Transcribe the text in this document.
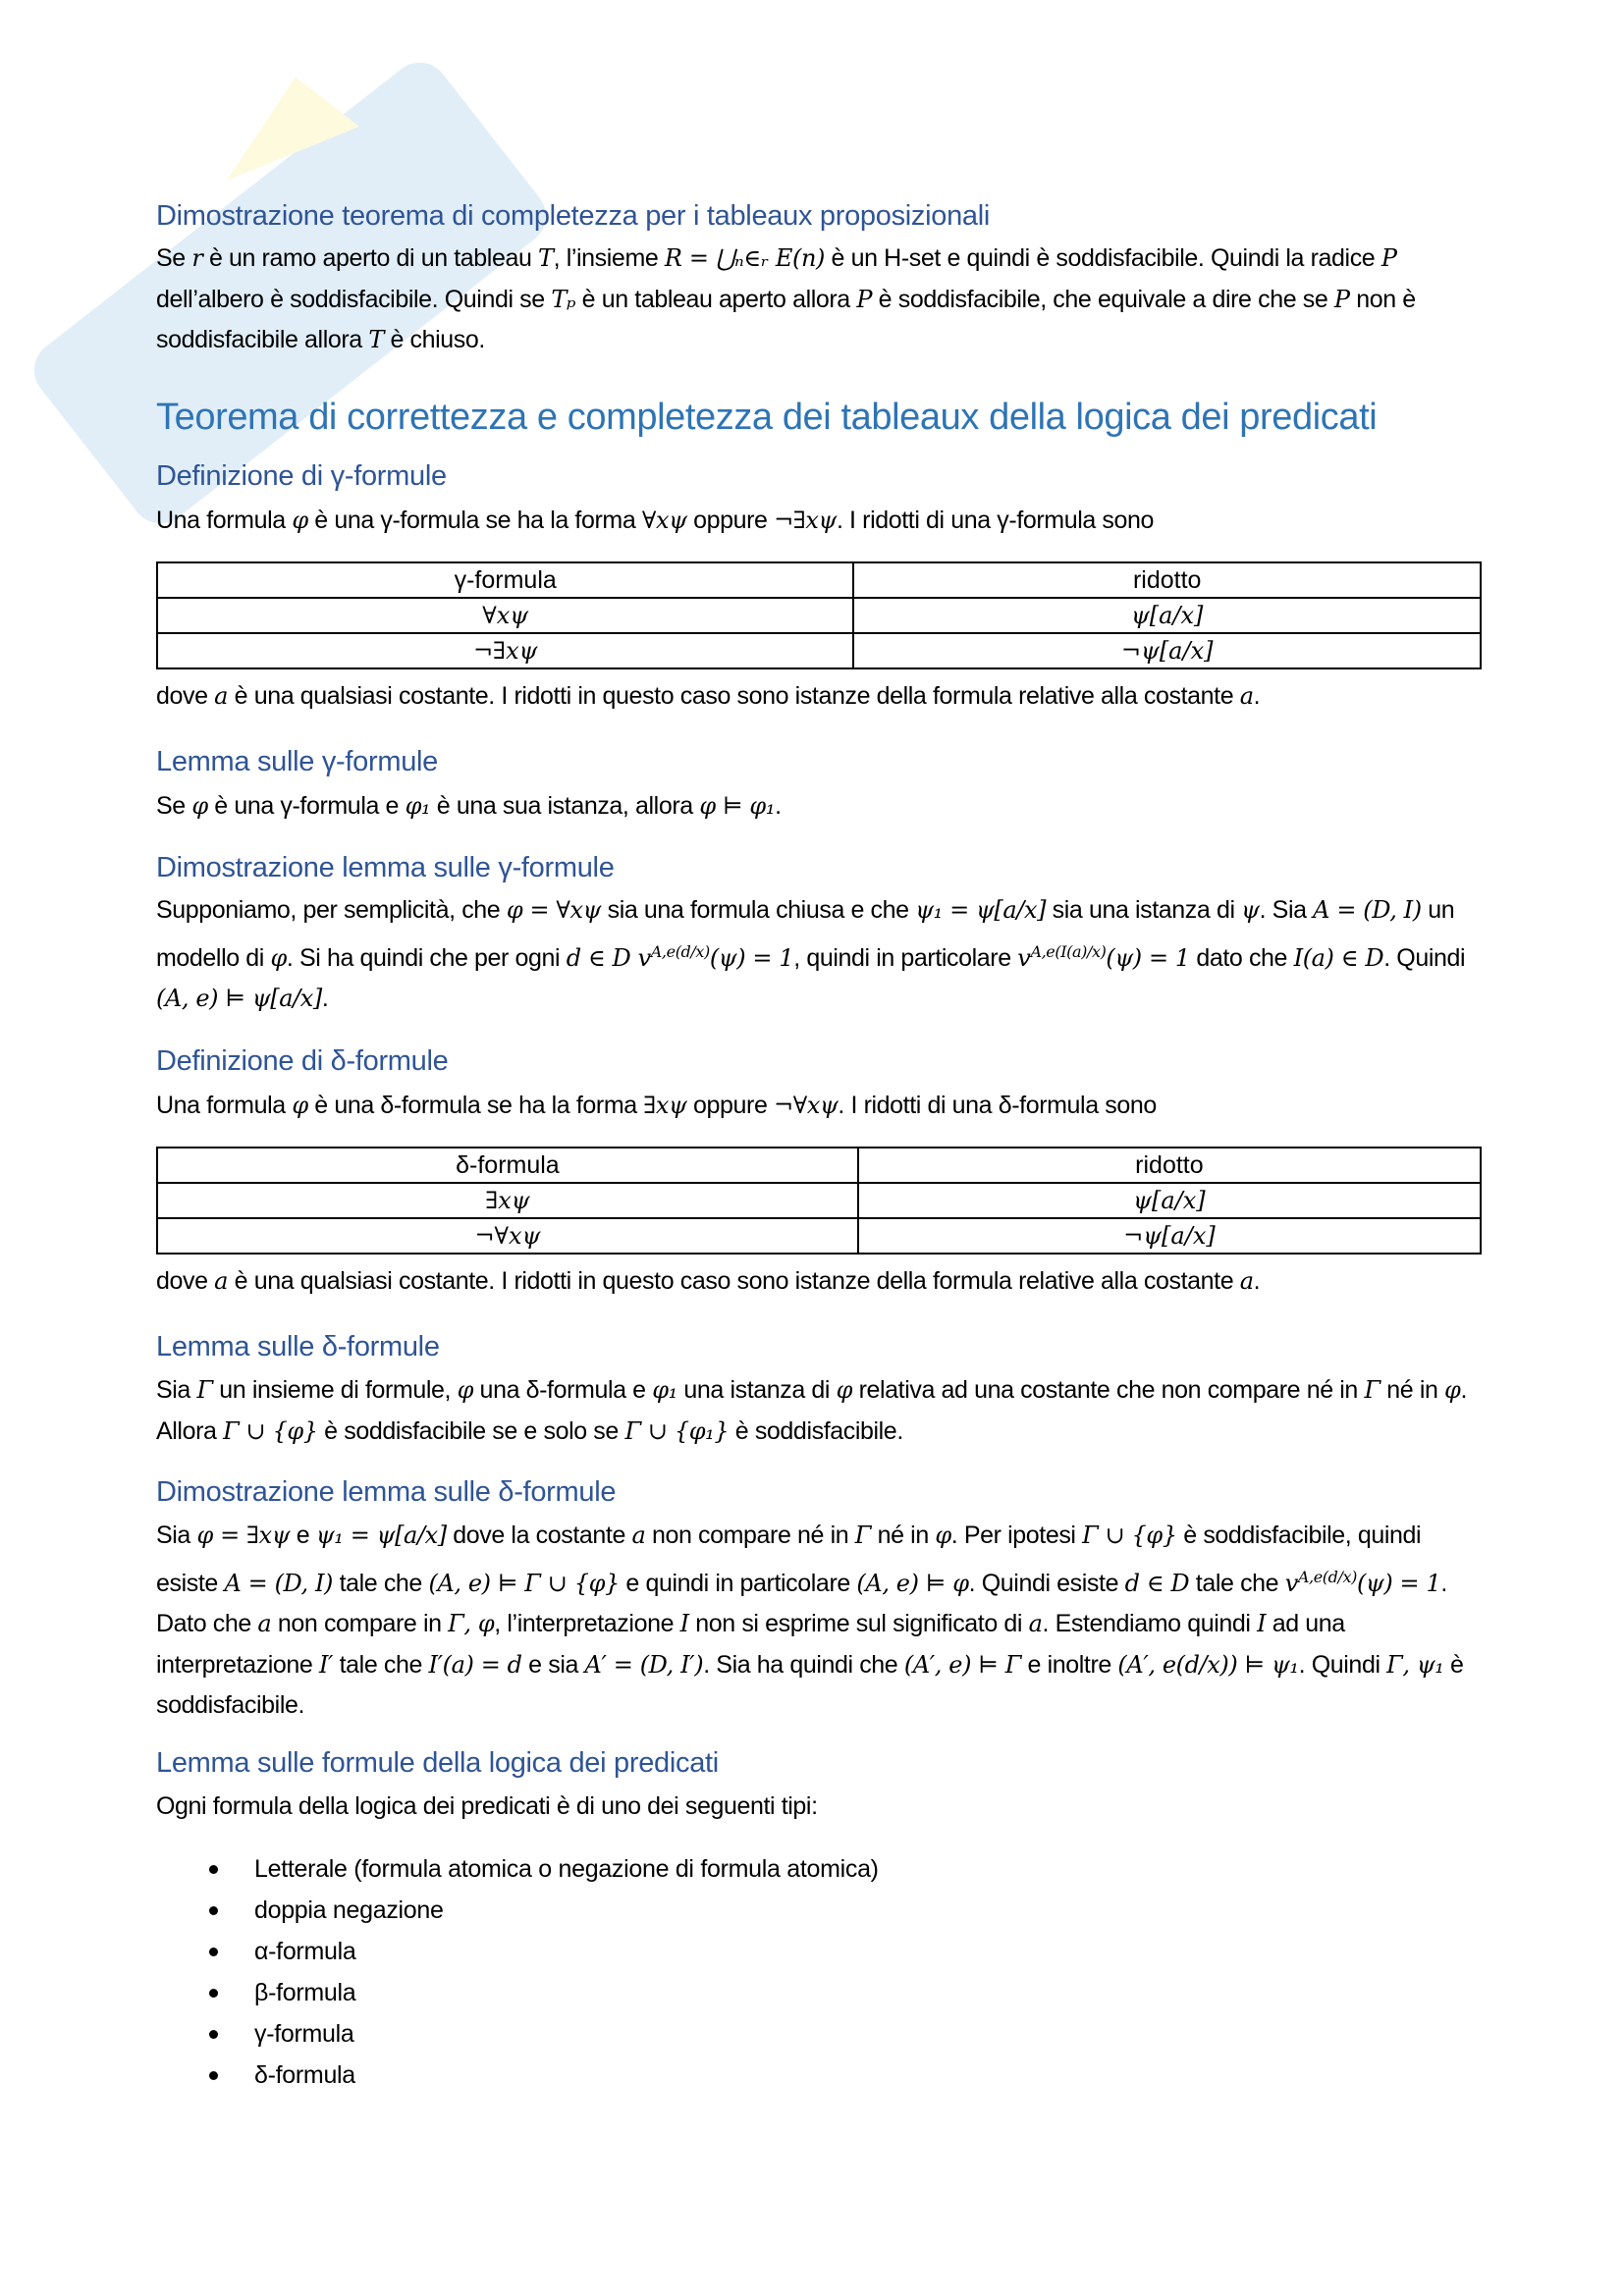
Dimostrazione teorema di completezza per i tableaux proposizionali
Se r è un ramo aperto di un tableau T, l’insieme R = ⋃ₙ∈ᵣ E(n) è un H-set e quindi è soddisfacibile. Quindi la radice P dell’albero è soddisfacibile. Quindi se Tₚ è un tableau aperto allora P è soddisfacibile, che equivale a dire che se P non è soddisfacibile allora T è chiuso.
Teorema di correttezza e completezza dei tableaux della logica dei predicati
Definizione di γ-formule
Una formula φ è una γ-formula se ha la forma ∀xψ oppure ¬∃xψ. I ridotti di una γ-formula sono
γ-formula	ridotto
∀xψ	ψ[a/x]
¬∃xψ	¬ψ[a/x]
dove a è una qualsiasi costante. I ridotti in questo caso sono istanze della formula relative alla costante a.
Lemma sulle γ-formule
Se φ è una γ-formula e φ₁ è una sua istanza, allora φ ⊨ φ₁.
Dimostrazione lemma sulle γ-formule
Supponiamo, per semplicità, che φ = ∀xψ sia una formula chiusa e che ψ₁ = ψ[a/x] sia una istanza di ψ. Sia A = (D, I) un modello di φ. Si ha quindi che per ogni d ∈ D $v^{A,e(d/x)}(\psi) = 1$, quindi in particolare $v^{A,e(I(a)/x)}(\psi) = 1$ dato che I(a) ∈ D. Quindi (A, e) ⊨ ψ[a/x].
Definizione di δ-formule
Una formula φ è una δ-formula se ha la forma ∃xψ oppure ¬∀xψ. I ridotti di una δ-formula sono
δ-formula	ridotto
∃xψ	ψ[a/x]
¬∀xψ	¬ψ[a/x]
dove a è una qualsiasi costante. I ridotti in questo caso sono istanze della formula relative alla costante a.
Lemma sulle δ-formule
Sia Γ un insieme di formule, φ una δ-formula e φ₁ una istanza di φ relativa ad una costante che non compare né in Γ né in φ. Allora Γ ∪ {φ} è soddisfacibile se e solo se Γ ∪ {φ₁} è soddisfacibile.
Dimostrazione lemma sulle δ-formule
Sia φ = ∃xψ e ψ₁ = ψ[a/x] dove la costante a non compare né in Γ né in φ. Per ipotesi Γ ∪ {φ} è soddisfacibile, quindi esiste A = (D, I) tale che (A, e) ⊨ Γ ∪ {φ} e quindi in particolare (A, e) ⊨ φ. Quindi esiste d ∈ D tale che $v^{A,e(d/x)}(\psi) = 1$. Dato che a non compare in Γ, φ, l’interpretazione I non si esprime sul significato di a. Estendiamo quindi I ad una interpretazione I′ tale che I′(a) = d e sia A′ = (D, I′). Sia ha quindi che (A′, e) ⊨ Γ e inoltre (A′, e(d/x)) ⊨ ψ₁. Quindi Γ, ψ₁ è soddisfacibile.
Lemma sulle formule della logica dei predicati
Ogni formula della logica dei predicati è di uno dei seguenti tipi:
Letterale (formula atomica o negazione di formula atomica)
doppia negazione
α-formula
β-formula
γ-formula
δ-formula
